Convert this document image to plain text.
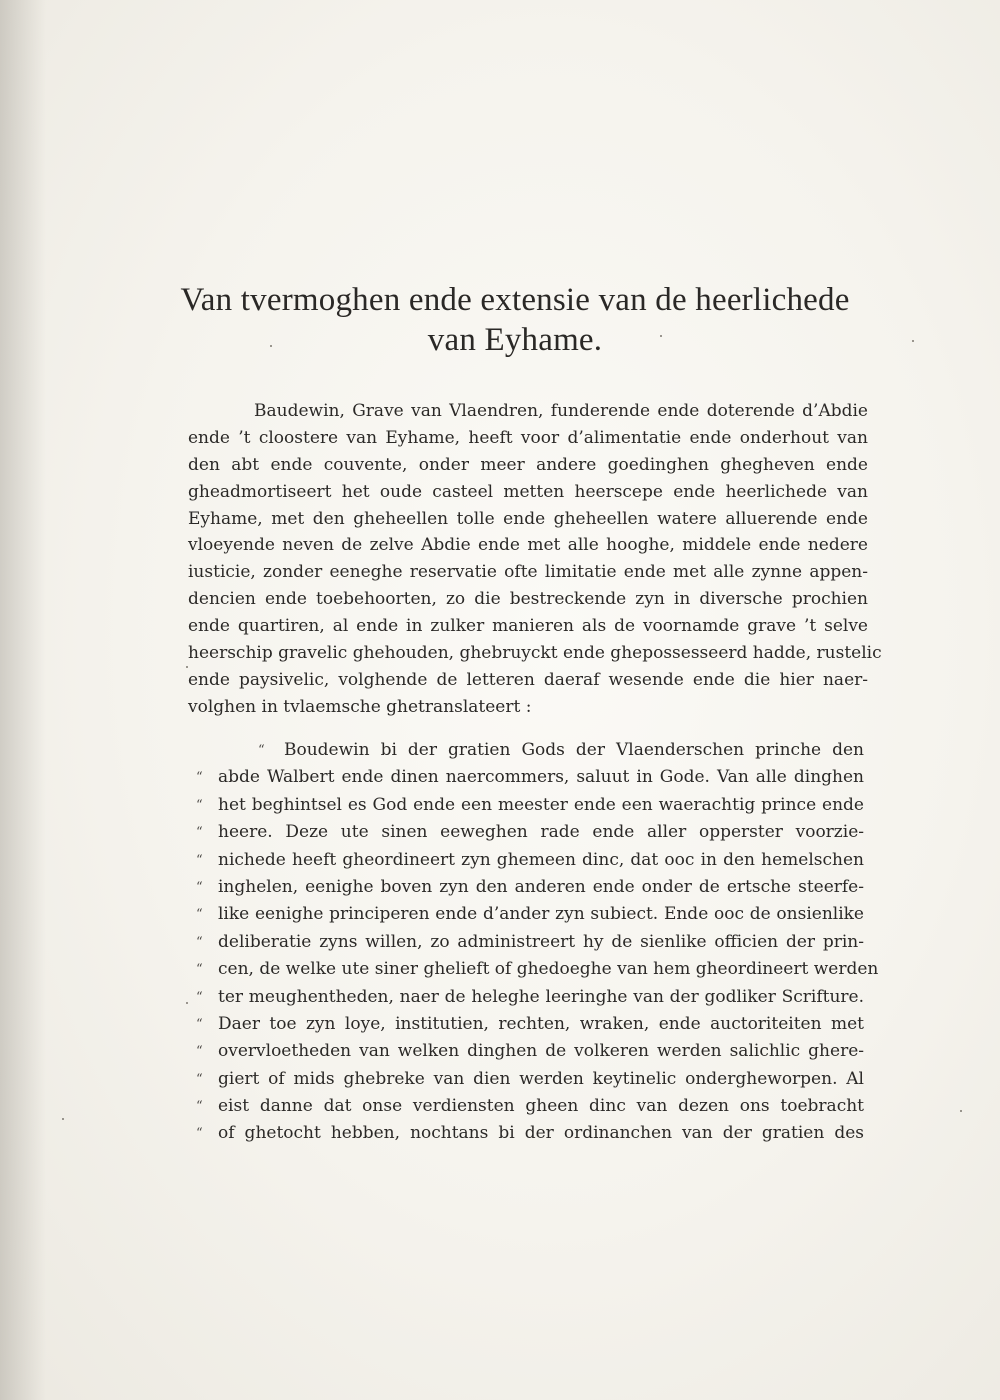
Van tvermoghen ende extensie van de heerlichede
van Eyhame.
Baudewin, Grave van Vlaendren, funderende ende doterende d’Abdie
ende ’t cloostere van Eyhame, heeft voor d’alimentatie ende onderhout van
den abt ende couvente, onder meer andere goedinghen ghegheven ende
gheadmortiseert het oude casteel metten heerscepe ende heerlichede van
Eyhame, met den gheheellen tolle ende gheheellen watere alluerende ende
vloeyende neven de zelve Abdie ende met alle hooghe, middele ende nedere
iusticie, zonder eeneghe reservatie ofte limitatie ende met alle zynne appen-
dencien ende toebehoorten, zo die bestreckende zyn in diversche prochien
ende quartiren, al ende in zulker manieren als de voornamde grave ’t selve
heerschip gravelic ghehouden, ghebruyckt ende ghepossesseerd hadde, rustelic
ende paysivelic, volghende de letteren daeraf wesende ende die hier naer-
volghen in tvlaemsche ghetranslateert :
“ Boudewin bi der gratien Gods der Vlaenderschen prinche den
“ abde Walbert ende dinen naercommers, saluut in Gode. Van alle dinghen
“ het beghintsel es God ende een meester ende een waerachtig prince ende
“ heere. Deze ute sinen eeweghen rade ende aller opperster voorzie-
“ nichede heeft gheordineert zyn ghemeen dinc, dat ooc in den hemelschen
“ inghelen, eenighe boven zyn den anderen ende onder de ertsche steerfe-
“ like eenighe principeren ende d’ander zyn subiect. Ende ooc de onsienlike
“ deliberatie zyns willen, zo administreert hy de sienlike officien der prin-
“ cen, de welke ute siner ghelieft of ghedoeghe van hem gheordineert werden
“ ter meughentheden, naer de heleghe leeringhe van der godliker Scrifture.
“ Daer toe zyn loye, institutien, rechten, wraken, ende auctoriteiten met
“ overvloetheden van welken dinghen de volkeren werden salichlic ghere-
“ giert of mids ghebreke van dien werden keytinelic ondergheworpen. Al
“ eist danne dat onse verdiensten gheen dinc van dezen ons toebracht
“ of ghetocht hebben, nochtans bi der ordinanchen van der gratien des
